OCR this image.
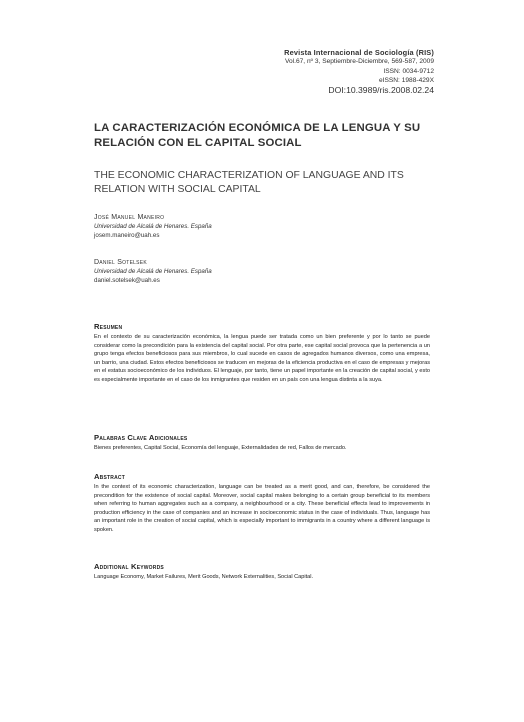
Revista Internacional de Sociología (RIS)
Vol.67, nº 3, Septiembre-Diciembre, 569-587, 2009
ISSN: 0034-9712
eISSN: 1988-429X
DOI:10.3989/ris.2008.02.24
LA CARACTERIZACIÓN ECONÓMICA DE LA LENGUA Y SU RELACIÓN CON EL CAPITAL SOCIAL
THE ECONOMIC CHARACTERIZATION OF LANGUAGE AND ITS RELATION WITH SOCIAL CAPITAL
José Manuel Maneiro
Universidad de Alcalá de Henares. España
josem.maneiro@uah.es
Daniel Sotelsek
Universidad de Alcalá de Henares. España
daniel.sotelsek@uah.es
Resumen
En el contexto de su caracterización económica, la lengua puede ser tratada como un bien preferente y por lo tanto se puede considerar como la precondición para la existencia del capital social. Por otra parte, ese capital social provoca que la pertenencia a un grupo tenga efectos beneficiosos para sus miembros, lo cual sucede en casos de agregados humanos diversos, como una empresa, un barrio, una ciudad. Estos efectos beneficiosos se traducen en mejoras de la eficiencia productiva en el caso de empresas y mejoras en el estatus socioeconómico de los individuos. El lenguaje, por tanto, tiene un papel importante en la creación de capital social, y esto es especialmente importante en el caso de los inmigrantes que residen en un país con una lengua distinta a la suya.
Palabras Clave Adicionales
Bienes preferentes, Capital Social, Economía del lenguaje, Externalidades de red, Fallos de mercado.
Abstract
In the context of its economic characterization, language can be treated as a merit good, and can, therefore, be considered the precondition for the existence of social capital. Moreover, social capital makes belonging to a certain group beneficial to its members when referring to human aggregates such as a company, a neighbourhood or a city. These beneficial effects lead to improvements in production efficiency in the case of companies and an increase in socioeconomic status in the case of individuals. Thus, language has an important role in the creation of social capital, which is especially important to immigrants in a country where a different language is spoken.
Additional Keywords
Language Economy, Market Failures, Merit Goods, Network Externalities, Social Capital.
